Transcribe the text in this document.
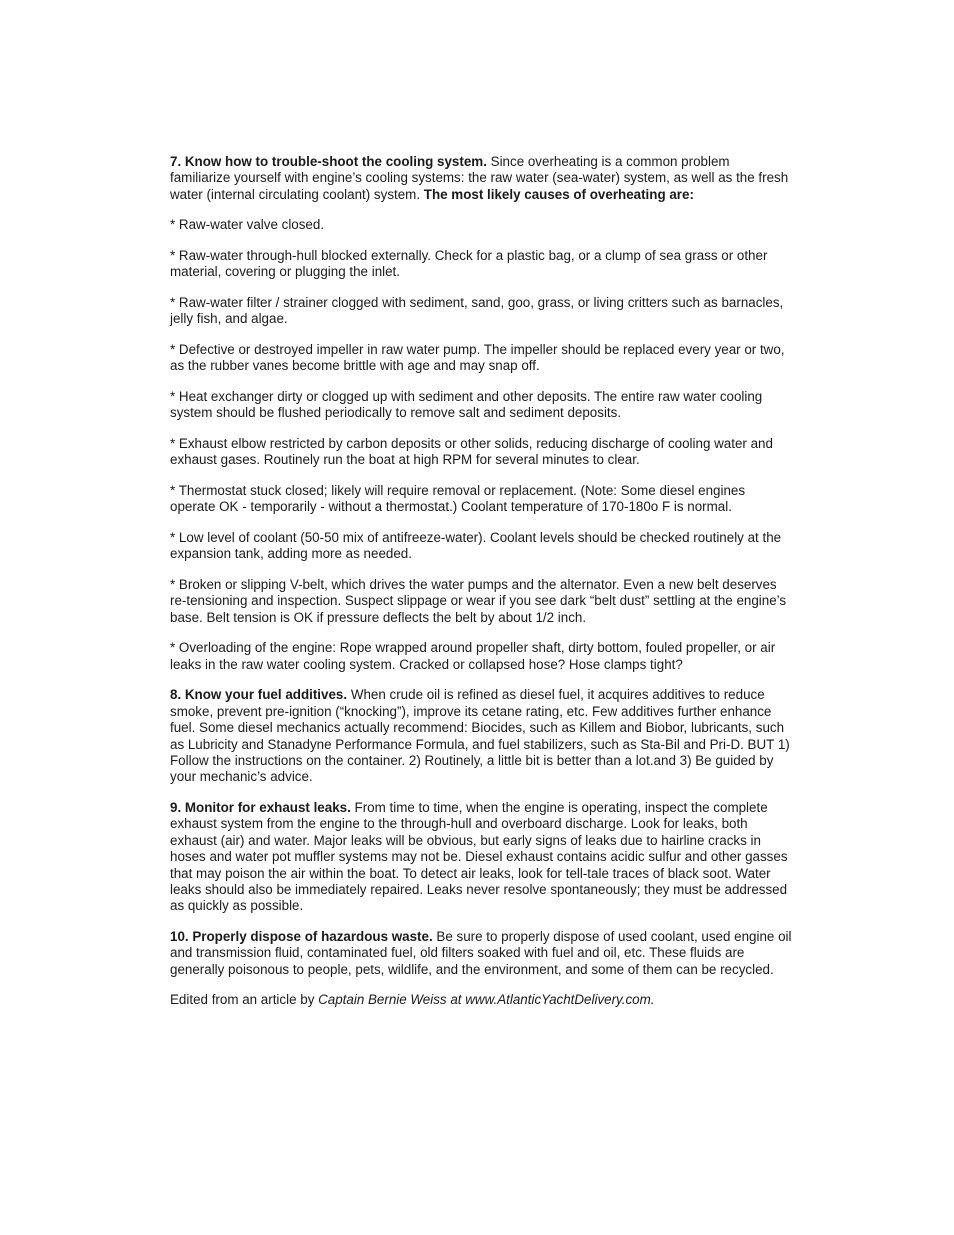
7. Know how to trouble-shoot the cooling system. Since overheating is a common problem familiarize yourself with engine’s cooling systems: the raw water (sea-water) system, as well as the fresh water (internal circulating coolant) system. The most likely causes of overheating are:

* Raw-water valve closed.

* Raw-water through-hull blocked externally. Check for a plastic bag, or a clump of sea grass or other material, covering or plugging the inlet.

* Raw-water filter / strainer clogged with sediment, sand, goo, grass, or living critters such as barnacles, jelly fish, and algae.

* Defective or destroyed impeller in raw water pump. The impeller should be replaced every year or two, as the rubber vanes become brittle with age and may snap off.

* Heat exchanger dirty or clogged up with sediment and other deposits. The entire raw water cooling system should be flushed periodically to remove salt and sediment deposits.

* Exhaust elbow restricted by carbon deposits or other solids, reducing discharge of cooling water and exhaust gases. Routinely run the boat at high RPM for several minutes to clear.

* Thermostat stuck closed; likely will require removal or replacement. (Note: Some diesel engines operate OK - temporarily - without a thermostat.) Coolant temperature of 170-180o F is normal.

* Low level of coolant (50-50 mix of antifreeze-water). Coolant levels should be checked routinely at the expansion tank, adding more as needed.

* Broken or slipping V-belt, which drives the water pumps and the alternator. Even a new belt deserves re-tensioning and inspection. Suspect slippage or wear if you see dark “belt dust” settling at the engine’s base. Belt tension is OK if pressure deflects the belt by about 1/2 inch.

* Overloading of the engine: Rope wrapped around propeller shaft, dirty bottom, fouled propeller, or air leaks in the raw water cooling system. Cracked or collapsed hose? Hose clamps tight?

8. Know your fuel additives. When crude oil is refined as diesel fuel, it acquires additives to reduce smoke, prevent pre-ignition (“knocking”), improve its cetane rating, etc. Few additives further enhance fuel. Some diesel mechanics actually recommend: Biocides, such as Killem and Biobor, lubricants, such as Lubricity and Stanadyne Performance Formula, and fuel stabilizers, such as Sta-Bil and Pri-D. BUT 1) Follow the instructions on the container. 2) Routinely, a little bit is better than a lot.and 3) Be guided by your mechanic’s advice.

9. Monitor for exhaust leaks. From time to time, when the engine is operating, inspect the complete exhaust system from the engine to the through-hull and overboard discharge. Look for leaks, both exhaust (air) and water. Major leaks will be obvious, but early signs of leaks due to hairline cracks in hoses and water pot muffler systems may not be. Diesel exhaust contains acidic sulfur and other gasses that may poison the air within the boat. To detect air leaks, look for tell-tale traces of black soot. Water leaks should also be immediately repaired. Leaks never resolve spontaneously; they must be addressed as quickly as possible.

10. Properly dispose of hazardous waste. Be sure to properly dispose of used coolant, used engine oil and transmission fluid, contaminated fuel, old filters soaked with fuel and oil, etc. These fluids are generally poisonous to people, pets, wildlife, and the environment, and some of them can be recycled.

Edited from an article by Captain Bernie Weiss at www.AtlanticYachtDelivery.com.
